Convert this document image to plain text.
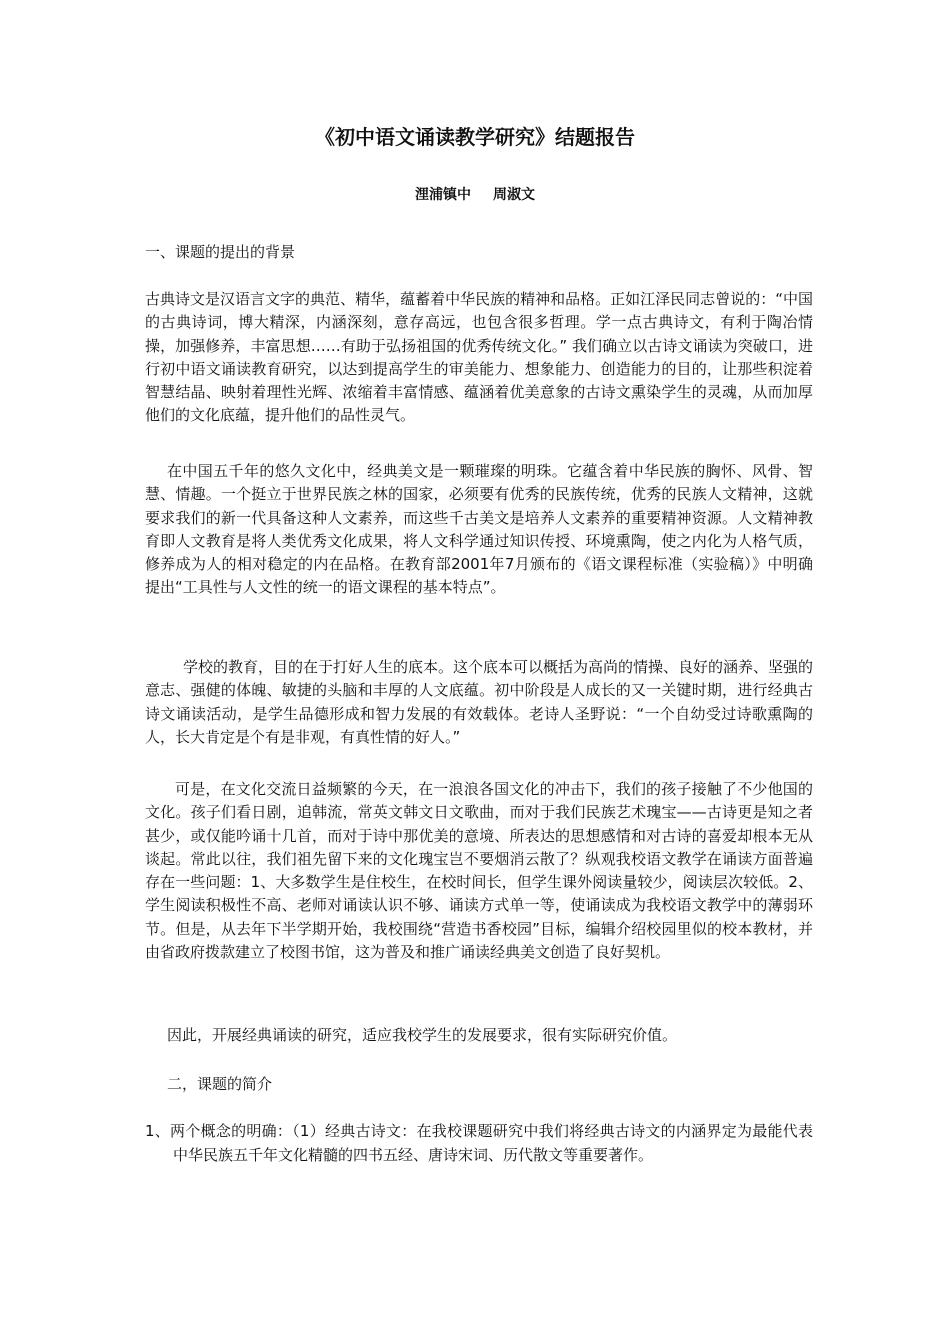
《初中语文诵读教学研究》结题报告
浬浦镇中 周淑文
一、课题的提出的背景

古典诗文是汉语言文字的典范、精华，蕴蓄着中华民族的精神和品格。正如江泽民同志曾说的：“中国的古典诗词，博大精深，内涵深刻，意存高远，也包含很多哲理。学一点古典诗文，有利于陶冶情操，加强修养，丰富思想……有助于弘扬祖国的优秀传统文化。” 我们确立以古诗文诵读为突破口，进行初中语文诵读教育研究，以达到提高学生的审美能力、想象能力、创造能力的目的，让那些积淀着智慧结晶、映射着理性光辉、浓缩着丰富情感、蕴涵着优美意象的古诗文熏染学生的灵魂，从而加厚他们的文化底蕴，提升他们的品性灵气。

在中国五千年的悠久文化中，经典美文是一颗璀璨的明珠。它蕴含着中华民族的胸怀、风骨、智慧、情趣。一个挺立于世界民族之林的国家，必须要有优秀的民族传统，优秀的民族人文精神，这就要求我们的新一代具备这种人文素养，而这些千古美文是培养人文素养的重要精神资源。人文精神教育即人文教育是将人类优秀文化成果，将人文科学通过知识传授、环境熏陶，使之内化为人格气质，修养成为人的相对稳定的内在品格。在教育部2001年7月颁布的《语文课程标准（实验稿）》中明确提出“工具性与人文性的统一的语文课程的基本特点”。

学校的教育，目的在于打好人生的底本。这个底本可以概括为高尚的情操、良好的涵养、坚强的意志、强健的体魄、敏捷的头脑和丰厚的人文底蕴。初中阶段是人成长的又一关键时期，进行经典古诗文诵读活动，是学生品德形成和智力发展的有效载体。老诗人圣野说：“一个自幼受过诗歌熏陶的人，长大肯定是个有是非观，有真性情的好人。”

可是，在文化交流日益频繁的今天，在一浪浪各国文化的冲击下，我们的孩子接触了不少他国的文化。孩子们看日剧，追韩流，常英文韩文日文歌曲，而对于我们民族艺术瑰宝——古诗更是知之者甚少，或仅能吟诵十几首，而对于诗中那优美的意境、所表达的思想感情和对古诗的喜爱却根本无从谈起。常此以往，我们祖先留下来的文化瑰宝岂不要烟消云散了？纵观我校语文教学在诵读方面普遍存在一些问题：1、大多数学生是住校生，在校时间长，但学生课外阅读量较少，阅读层次较低。2、学生阅读积极性不高、老师对诵读认识不够、诵读方式单一等，使诵读成为我校语文教学中的薄弱环节。但是，从去年下半学期开始，我校围绕“营造书香校园”目标，编辑介绍校园里似的校本教材，并由省政府拨款建立了校图书馆，这为普及和推广诵读经典美文创造了良好契机。

因此，开展经典诵读的研究，适应我校学生的发展要求，很有实际研究价值。

二，课题的简介
1、两个概念的明确：（1）经典古诗文：在我校课题研究中我们将经典古诗文的内涵界定为最能代表中华民族五千年文化精髓的四书五经、唐诗宋词、历代散文等重要著作。
